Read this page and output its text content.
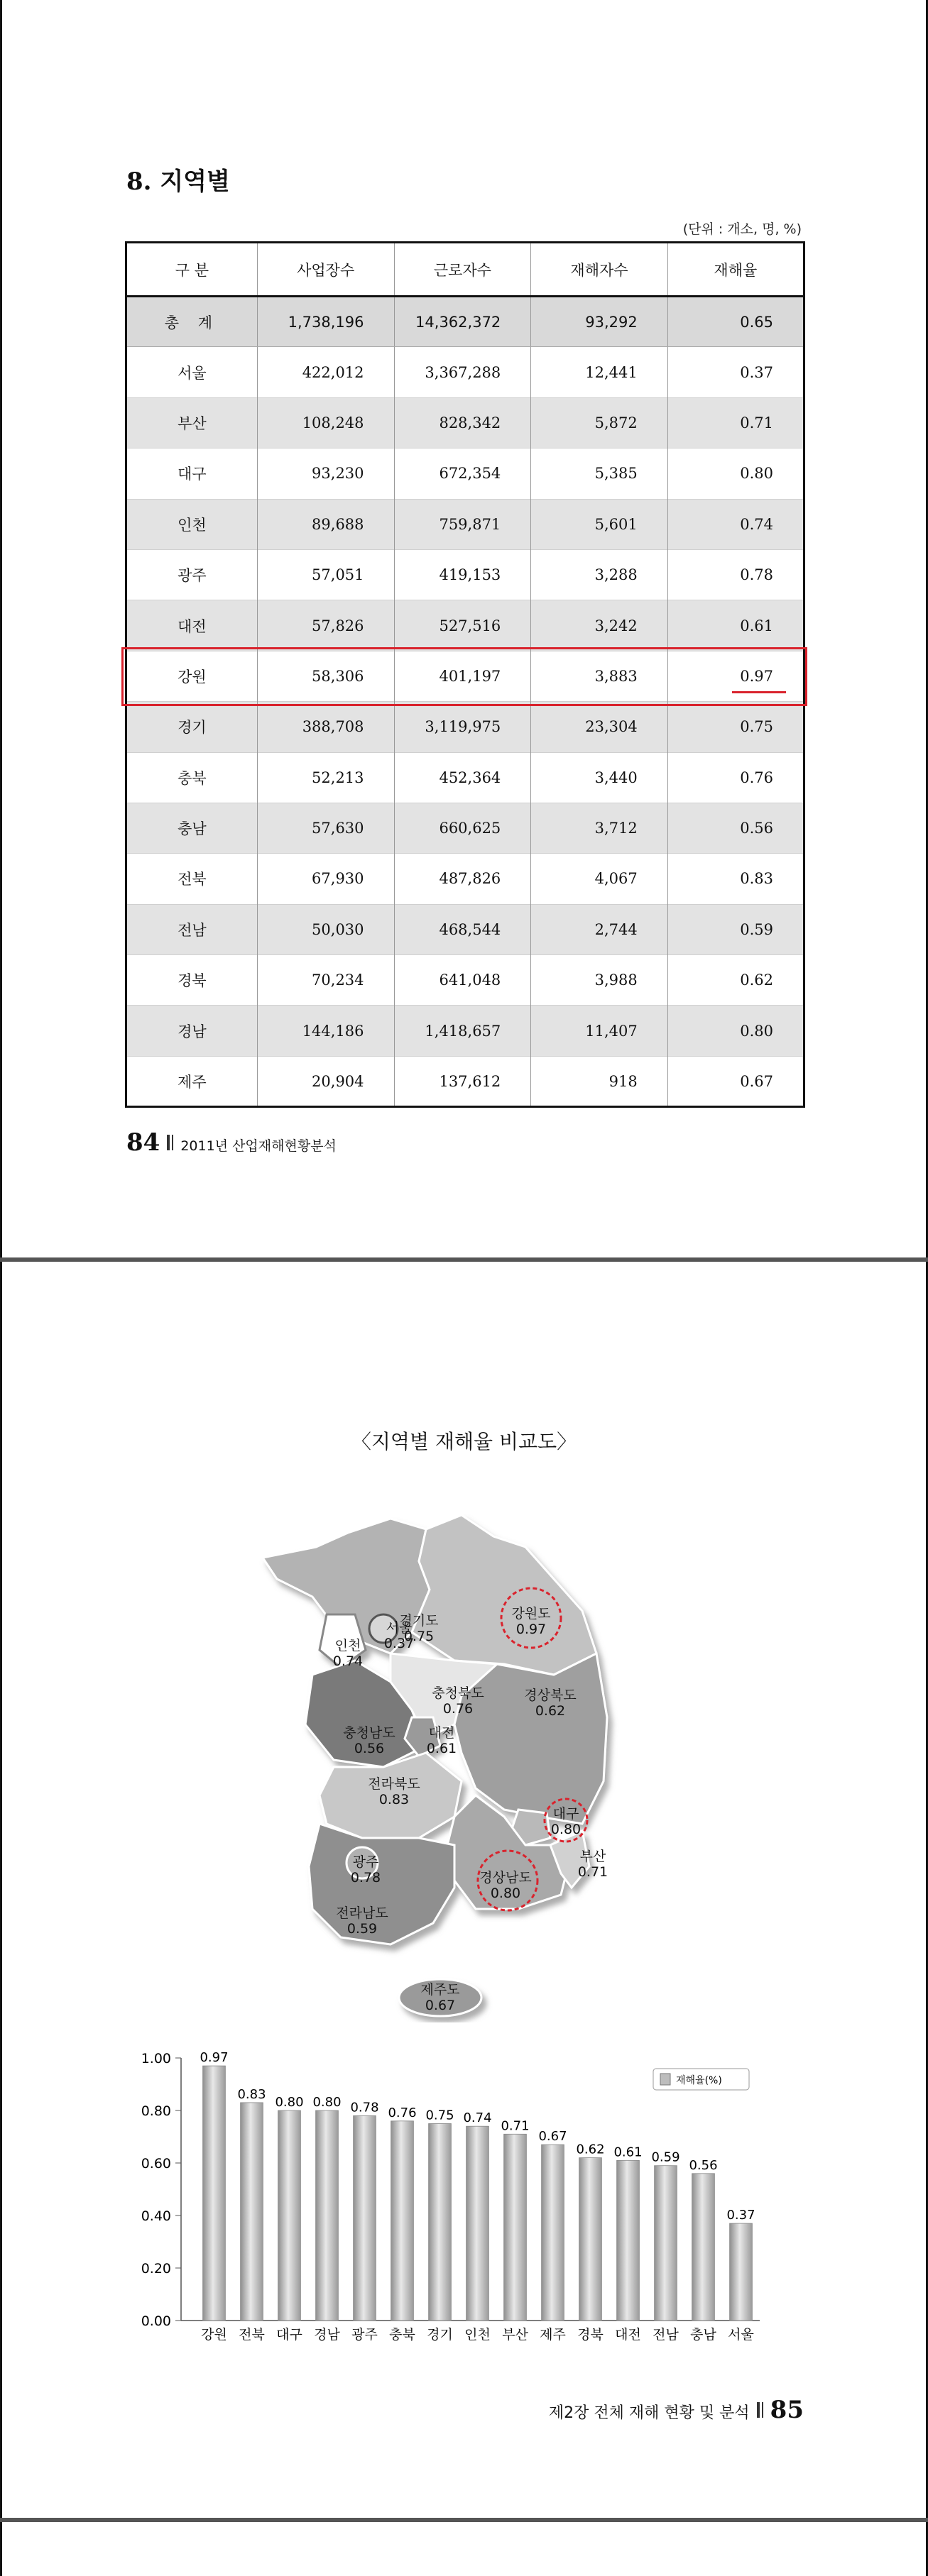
8. 지역별
(단위 : 개소, 명, %)
구 분	사업장수	근로자수	재해자수	재해율
총 계	1,738,196	14,362,372	93,292	0.65
서울	422,012	3,367,288	12,441	0.37
부산	108,248	828,342	5,872	0.71
대구	93,230	672,354	5,385	0.80
인천	89,688	759,871	5,601	0.74
광주	57,051	419,153	3,288	0.78
대전	57,826	527,516	3,242	0.61
강원	58,306	401,197	3,883	0.97
경기	388,708	3,119,975	23,304	0.75
충북	52,213	452,364	3,440	0.76
충남	57,630	660,625	3,712	0.56
전북	67,930	487,826	4,067	0.83
전남	50,030	468,544	2,744	0.59
경북	70,234	641,048	3,988	0.62
경남	144,186	1,418,657	11,407	0.80
제주	20,904	137,612	918	0.67
84 2011년 산업재해현황분석
〈지역별 재해율 비교도〉
경기도
0.75
강원도
0.97
인천
0.74
서울
0.37
충청북도
0.76
경상북도
0.62
충청남도
0.56
대전
0.61
전라북도
0.83
대구
0.80
광주
0.78	경상남도
0.80
부산
0.71
전라남도
0.59
제주도
0.67
0.00
0.20
0.40
0.60
0.80
1.00 0.97
강원
0.83
전북
0.80
대구
0.80
경남
0.78
광주
0.76
충북
0.75
경기
0.74
인천
0.71
부산
0.67
제주
0.62
경북
0.61
대전
0.59
전남
0.56
충남
0.37
서울
재해율(%)
제2장 전체 재해 현황 및 분석 85
